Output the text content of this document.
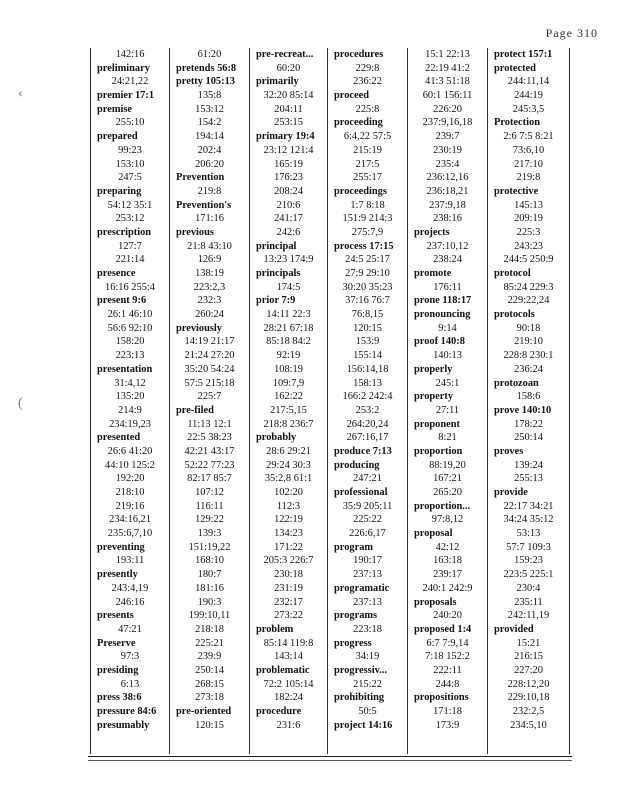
Page 310
142:16
preliminary
24:21,22
premier 17:1
premise
255:10
prepared
99:23
153:10
247:5
preparing
54:12 35:1
253:12
prescription
127:7
221:14
presence
16:16 255:4
present 9:6
26:1 46:10
56:6 92:10
158:20
223:13
presentation
31:4,12
135:20
214:9
234:19,23
presented
26:6 41:20
44:10 125:2
192:20
218:10
219:16
234:16,21
235:6,7,10
preventing
193:11
presently
243:4,19
246:16
presents
47:21
Preserve
97:3
presiding
6:13
press 38:6
pressure 84:6
presumably
61:20
pretends 56:8
pretty 105:13
135:8
153:12
154:2
194:14
202:4
206:20
Prevention
219:8
Prevention's
171:16
previous
21:8 43:10
126:9
138:19
223:2,3
232:3
260:24
previously
14:19 21:17
21:24 27:20
35:20 54:24
57:5 215:18
225:7
pre-filed
11:13 12:1
22:5 38:23
42:21 43:17
52:22 77:23
82:17 85:7
107:12
116:11
129:22
139:3
151:19,22
168:10
180:7
181:16
190:3
199:10,11
218:18
225:21
239:9
250:14
268:15
273:18
pre-oriented
120:15
pre-recreat...
60:20
primarily
32:20 85:14
204:11
253:15
primary 19:4
23:12 121:4
165:19
176:23
208:24
210:6
241:17
242:6
principal
13:23 174:9
principals
174:5
prior 7:9
14:11 22:3
28:21 67:18
85:18 84:2
92:19
108:19
109:7,9
162:22
217:5,15
218:8 236:7
probably
28:6 29:21
29:24 30:3
35:2,8 61:1
102:20
112:3
122:19
134:23
171:22
205:3 226:7
230:18
231:19
232:17
273:22
problem
85:14 119:8
143:14
problematic
72:2 105:14
182:24
procedure
231:6
procedures
229:8
236:22
proceed
225:8
proceeding
6:4,22 57:5
215:19
217:5
255:17
proceedings
1:7 8:18
151:9 214:3
275:7,9
process 17:15
24:5 25:17
27:9 29:10
30:20 35:23
37:16 76:7
76:8,15
120:15
153:9
155:14
156:14,18
158:13
166:2 242:4
253:2
264:20,24
267:16,17
produce 7:13
producing
247:21
professional
35:9 205:11
225:22
226:6,17
program
190:17
237:13
programatic
237:13
programs
223:18
progress
34:19
progressiv...
215:22
prohibiting
50:5
project 14:16
15:1 22:13
22:19 41:2
41:3 51:18
60:1 156:11
226:20
237:9,16,18
239:7
230:19
235:4
236:12,16
236:18,21
237:9,18
238:16
projects
237:10,12
238:24
promote
176:11
prone 118:17
pronouncing
9:14
proof 140:8
140:13
properly
245:1
property
27:11
proponent
8:21
proportion
88:19,20
167:21
265:20
proportion...
97:8,12
proposal
42:12
163:18
239:17
240:1 242:9
proposals
240:20
proposed 1:4
6:7 7:9,14
7:18 152:2
222:11
244:8
propositions
171:18
173:9
protect 157:1
protected
244:11,14
244:19
245:3,5
Protection
2:6 7:5 8:21
73:6,10
217:10
219:8
protective
145:13
209:19
225:3
243:23
244:5 250:9
protocol
85:24 229:3
229:22,24
protocols
90:18
219:10
228:8 230:1
236:24
protozoan
158:6
prove 140:10
178:22
250:14
proves
139:24
255:13
provide
22:17 34:21
34:24 35:12
53:13
57:7 109:3
159:23
223:5 225:1
230:4
235:11
242:11,19
provided
15:21
216:15
227:20
228:12,20
229:10,18
232:2,5
234:5,10
‹
(
